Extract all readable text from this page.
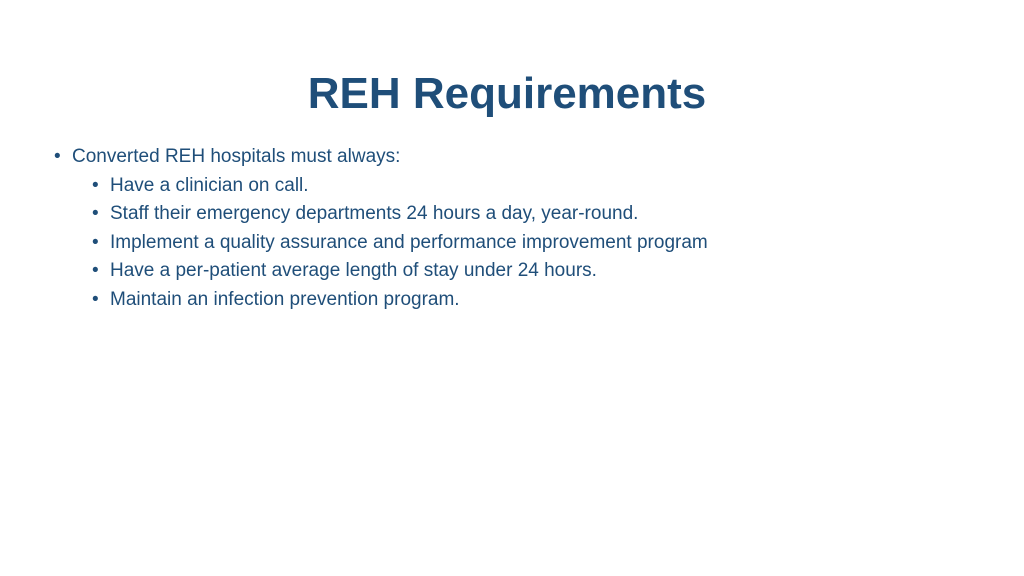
REH Requirements
• Converted REH hospitals must always:
• Have a clinician on call.
• Staff their emergency departments 24 hours a day, year-round.
• Implement a quality assurance and performance improvement program
• Have a per-patient average length of stay under 24 hours.
• Maintain an infection prevention program.
